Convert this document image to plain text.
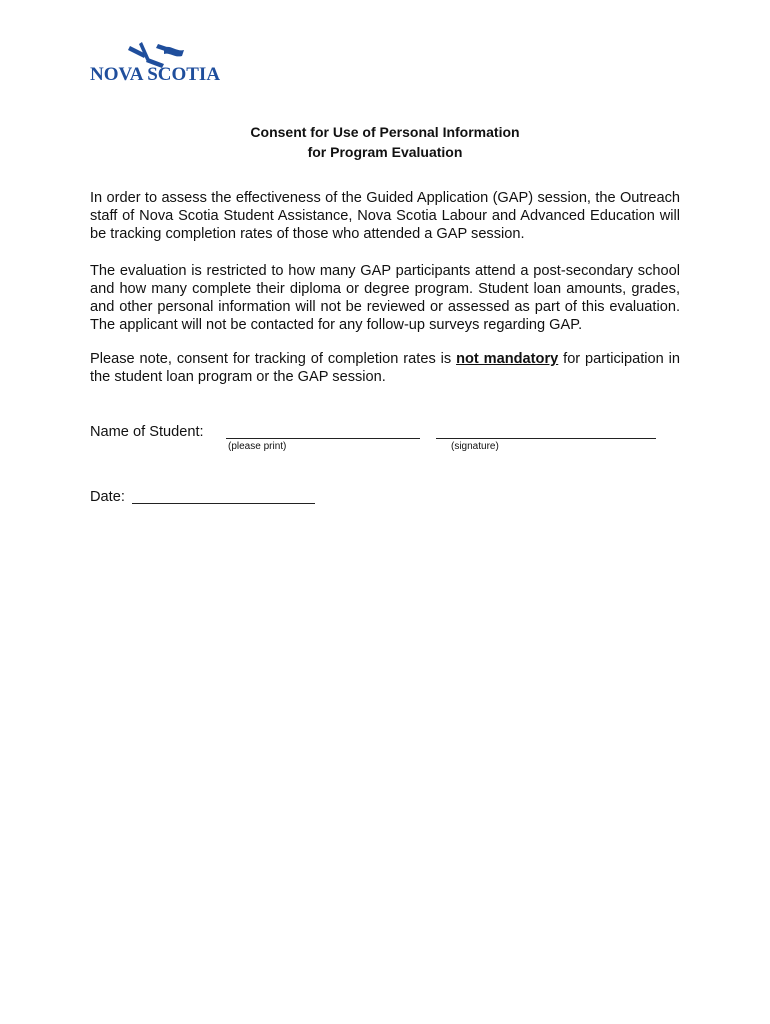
NOVA SCOTIA
Consent for Use of Personal Information
for Program Evaluation
In order to assess the effectiveness of the Guided Application (GAP) session, the Outreach staff of Nova Scotia Student Assistance, Nova Scotia Labour and Advanced Education will be tracking completion rates of those who attended a GAP session.
The evaluation is restricted to how many GAP participants attend a post-secondary school and how many complete their diploma or degree program. Student loan amounts, grades, and other personal information will not be reviewed or assessed as part of this evaluation. The applicant will not be contacted for any follow-up surveys regarding GAP.
Please note, consent for tracking of completion rates is not mandatory for participation in the student loan program or the GAP session.
Name of Student:
(please print)	(signature)
Date:
